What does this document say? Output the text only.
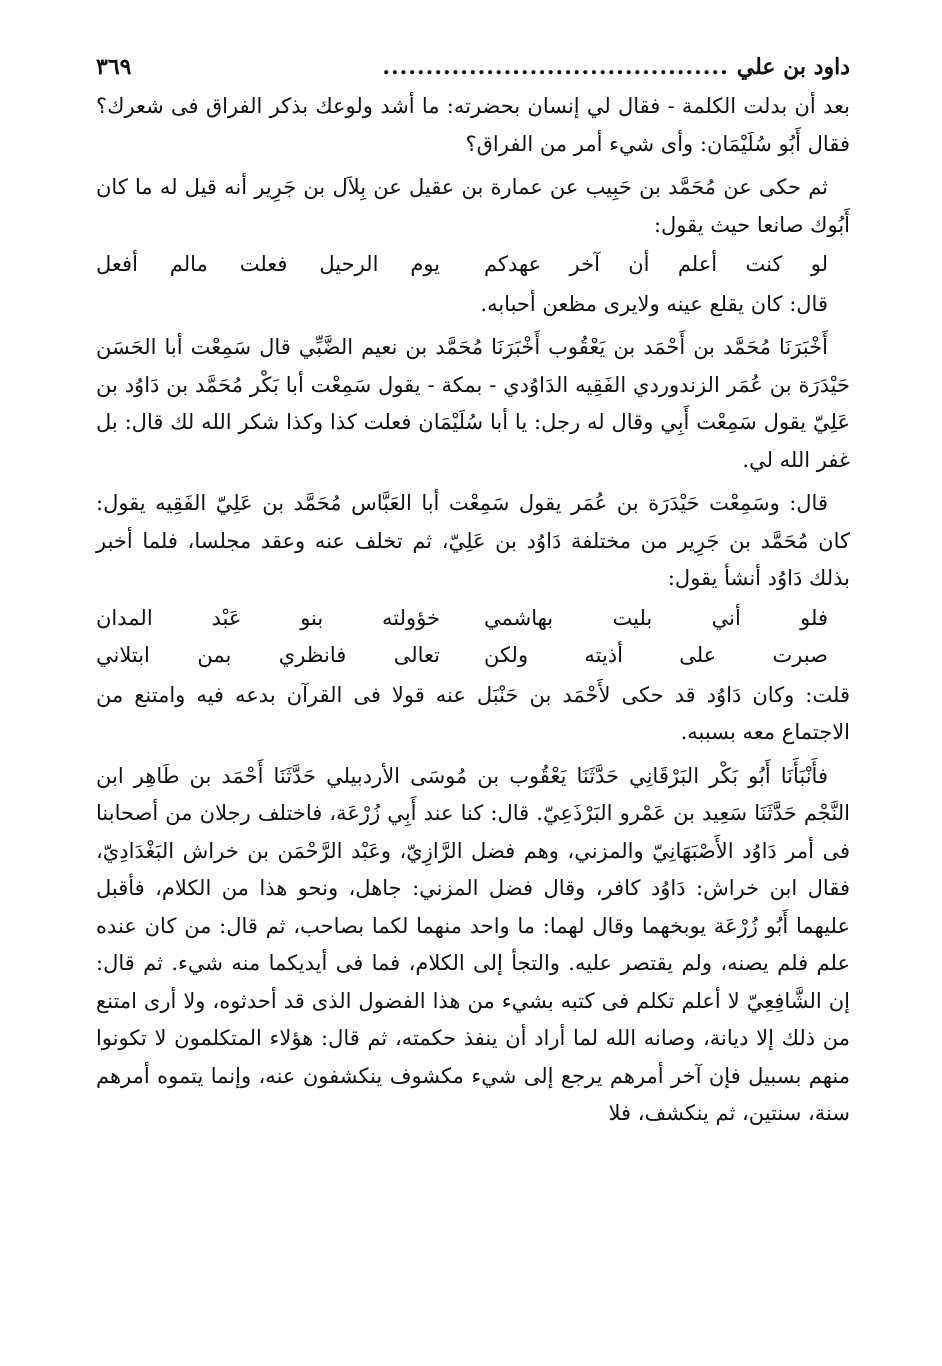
داود بن علي
........................................
٣٦٩

بعد أن بدلت الكلمة - فقال لي إنسان بحضرته: ما أشد ولوعك بذكر الفراق فى شعرك؟ فقال أَبُو سُلَيْمَان: وأى شيء أمر من الفراق؟

ثم حكى عن مُحَمَّد بن حَبِيب عن عمارة بن عقيل عن بِلاَل بن جَرِير أنه قيل له ما كان أَبُوك صانعا حيث يقول:

لو كنت أعلم أن آخر عهدكم
يوم الرحيل فعلت مالم أفعل

قال: كان يقلع عينه ولايرى مظعن أحبابه.

أَخْبَرَنَا مُحَمَّد بن أَحْمَد بن يَعْقُوب أَخْبَرَنَا مُحَمَّد بن نعيم الضَّبِّي قال سَمِعْت أبا الحَسَن حَيْدَرَة بن عُمَر الزندوردي الفَقِيه الدَاوُدي - بمكة - يقول سَمِعْت أبا بَكْر مُحَمَّد بن دَاوُد بن عَلِيّ يقول سَمِعْت أَبِي وقال له رجل: يا أبا سُلَيْمَان فعلت كذا وكذا شكر الله لك قال: بل غفر الله لي.

قال: وسَمِعْت حَيْدَرَة بن عُمَر يقول سَمِعْت أبا العَبَّاس مُحَمَّد بن عَلِيّ الفَقِيه يقول: كان مُحَمَّد بن جَرِير من مختلفة دَاوُد بن عَلِيّ، ثم تخلف عنه وعقد مجلسا، فلما أخبر بذلك دَاوُد أنشأ يقول:

فلو أني بليت بهاشمي
خؤولته بنو عَبْد المدان
صبرت على أذيته ولكن
تعالى فانظري بمن ابتلاني

قلت: وكان دَاوُد قد حكى لأَحْمَد بن حَنْبَل عنه قولا فى القرآن بدعه فيه وامتنع من الاجتماع معه بسببه.

فأَنْبَأَنَا أَبُو بَكْر البَرْقَانِي حَدَّثَنَا يَعْقُوب بن مُوسَى الأردبيلي حَدَّثَنَا أَحْمَد بن طَاهِر ابن النَّجْم حَدَّثَنَا سَعِيد بن عَمْرو البَرْذَعِيّ. قال: كنا عند أَبِي زُرْعَة، فاختلف رجلان من أصحابنا فى أمر دَاوُد الأَصْبَهَانِيّ والمزني، وهم فضل الرَّازِيّ، وعَبْد الرَّحْمَن بن خراش البَغْدَادِيّ، فقال ابن خراش: دَاوُد كافر، وقال فضل المزني: جاهل، ونحو هذا من الكلام، فأقبل عليهما أَبُو زُرْعَة يوبخهما وقال لهما: ما واحد منهما لكما بصاحب، ثم قال: من كان عنده علم فلم يصنه، ولم يقتصر عليه. والتجأ إلى الكلام، فما فى أيديكما منه شيء. ثم قال: إن الشَّافِعِيّ لا أعلم تكلم فى كتبه بشيء من هذا الفضول الذى قد أحدثوه، ولا أرى امتنع من ذلك إلا ديانة، وصانه الله لما أراد أن ينفذ حكمته، ثم قال: هؤلاء المتكلمون لا تكونوا منهم بسبيل فإن آخر أمرهم يرجع إلى شيء مكشوف ينكشفون عنه، وإنما يتموه أمرهم سنة، سنتين، ثم ينكشف، فلا
